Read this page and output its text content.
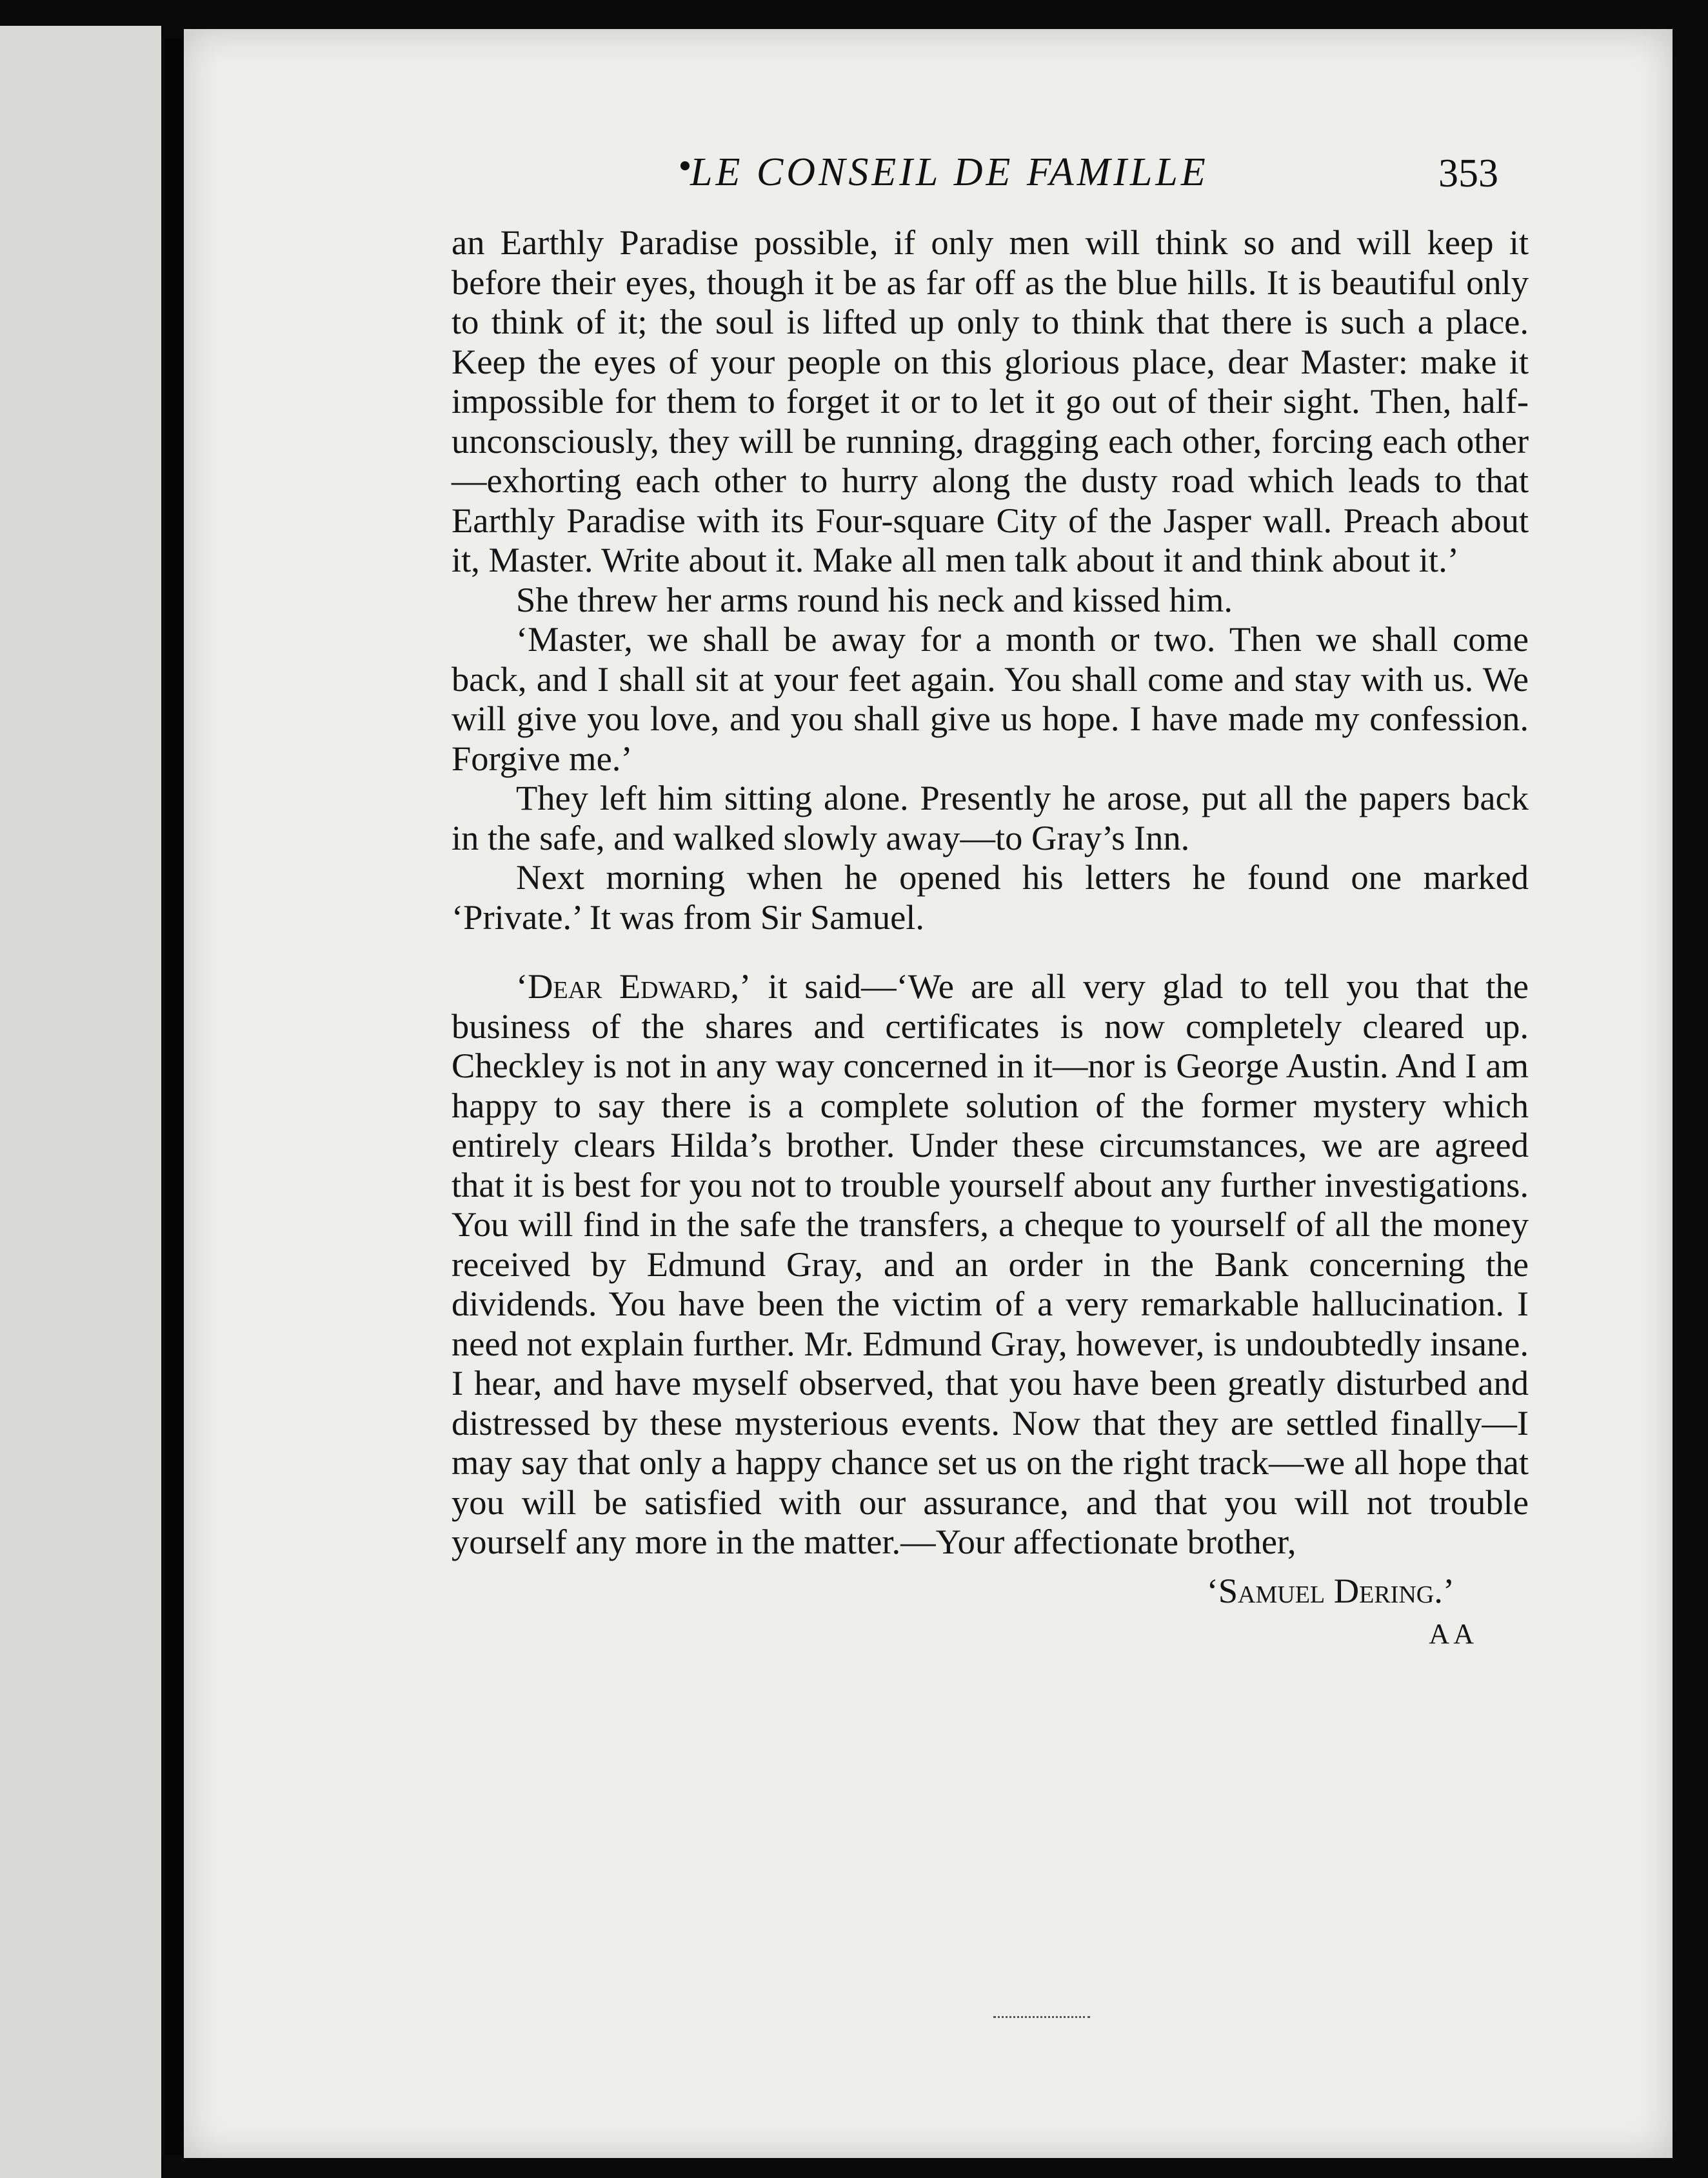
LE CONSEIL DE FAMILLE	353

an Earthly Paradise possible, if only men will think so and will keep it before their eyes, though it be as far off as the blue hills. It is beautiful only to think of it; the soul is lifted up only to think that there is such a place. Keep the eyes of your people on this glorious place, dear Master: make it impossible for them to forget it or to let it go out of their sight. Then, half-unconsciously, they will be running, dragging each other, forcing each other—exhorting each other to hurry along the dusty road which leads to that Earthly Paradise with its Four-square City of the Jasper wall. Preach about it, Master. Write about it. Make all men talk about it and think about it.’

She threw her arms round his neck and kissed him.

‘Master, we shall be away for a month or two. Then we shall come back, and I shall sit at your feet again. You shall come and stay with us. We will give you love, and you shall give us hope. I have made my confession. Forgive me.’

They left him sitting alone. Presently he arose, put all the papers back in the safe, and walked slowly away—to Gray’s Inn.

Next morning when he opened his letters he found one marked ‘Private.’ It was from Sir Samuel.

‘Dear Edward,’ it said—‘We are all very glad to tell you that the business of the shares and certificates is now completely cleared up. Checkley is not in any way concerned in it—nor is George Austin. And I am happy to say there is a complete solution of the former mystery which entirely clears Hilda’s brother. Under these circumstances, we are agreed that it is best for you not to trouble yourself about any further investigations. You will find in the safe the transfers, a cheque to yourself of all the money received by Edmund Gray, and an order in the Bank concerning the dividends. You have been the victim of a very remarkable hallucination. I need not explain further. Mr. Edmund Gray, however, is undoubtedly insane. I hear, and have myself observed, that you have been greatly disturbed and distressed by these mysterious events. Now that they are settled finally—I may say that only a happy chance set us on the right track—we all hope that you will be satisfied with our assurance, and that you will not trouble yourself any more in the matter.—Your affectionate brother,

‘Samuel Dering.’
A A
